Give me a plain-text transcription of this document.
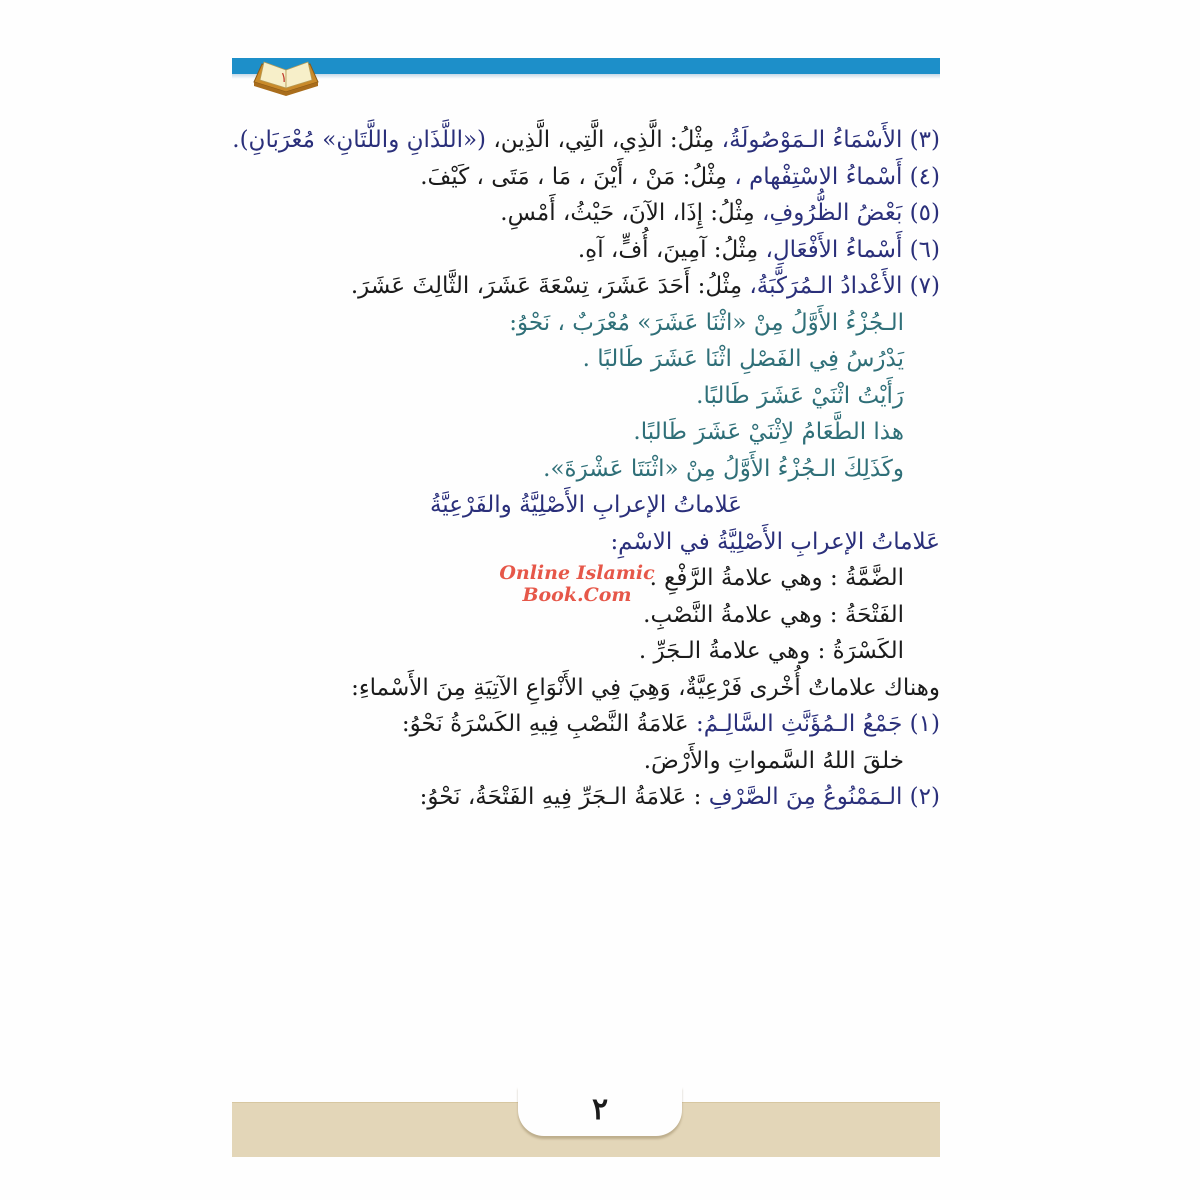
١
(٣) الأَسْمَاءُ الـمَوْصُولَةُ، مِثْلُ: الَّذِي، الَّتِي، الَّذِين، («اللَّذَانِ واللَّتَانِ» مُعْرَبَانِ).
(٤) أَسْماءُ الاسْتِفْهام ، مِثْلُ: مَنْ ، أَيْنَ ، مَا ، مَتَى ، كَيْفَ.
(٥) بَعْضُ الظُّرُوفِ، مِثْلُ: إِذَا، الآنَ، حَيْثُ، أَمْسِ.
(٦) أَسْماءُ الأَفْعَالِ، مِثْلُ: آمِينَ، أُفٍّ، آهِ.
(٧) الأَعْدادُ الـمُرَكَّبَةُ، مِثْلُ: أَحَدَ عَشَرَ، تِسْعَةَ عَشَرَ، الثَّالِثَ عَشَرَ.
الـجُزْءُ الأَوَّلُ مِنْ «اثْنَا عَشَرَ» مُعْرَبٌ ، نَحْوُ:
يَدْرُسُ فِي الفَصْلِ اثْنَا عَشَرَ طَالبًا .
رَأَيْتُ اثْنَيْ عَشَرَ طَالبًا.
هذا الطَّعَامُ لاِثْنَيْ عَشَرَ طَالبًا.
وكَذَلِكَ الـجُزْءُ الأَوَّلُ مِنْ «اثْنَتَا عَشْرَةَ».
عَلاماتُ الإعرابِ الأَصْلِيَّةُ والفَرْعِيَّةُ
عَلاماتُ الإعرابِ الأَصْلِيَّةُ في الاسْمِ:
الضَّمَّةُ : وهي علامةُ الرَّفْعِ .
الفَتْحَةُ : وهي علامةُ النَّصْبِ.
الكَسْرَةُ : وهي علامةُ الـجَرِّ .
وهناك علاماتٌ أُخْرى فَرْعِيَّةٌ، وَهِيَ فِي الأَنْوَاعِ الآتِيَةِ مِنَ الأَسْماءِ:
(١) جَمْعُ الـمُؤَنَّثِ السَّالِـمُ: عَلامَةُ النَّصْبِ فِيهِ الكَسْرَةُ نَحْوُ:
خلقَ اللهُ السَّمواتِ والأَرْضَ.
(٢) الـمَمْنُوعُ مِنَ الصَّرْفِ : عَلامَةُ الـجَرِّ فِيهِ الفَتْحَةُ، نَحْوُ:
Online Islamic
Book.Com
٢
